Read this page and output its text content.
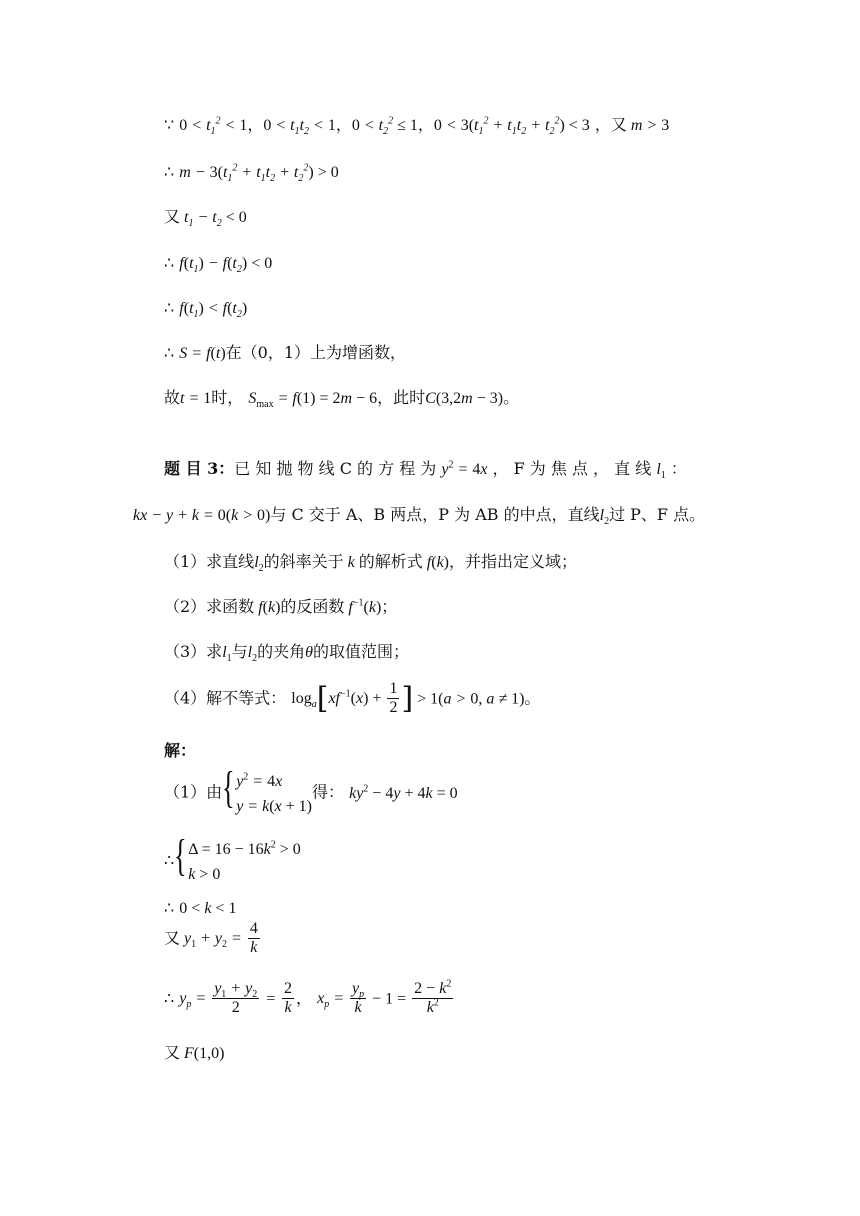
∵ $0 < t_1^2 < 1$，$0 < t_1t_2 < 1$，$0 < t_2^2 \le 1$，$0 < 3(t_1^2 + t_1t_2 + t_2^2) < 3$ ，又 m > 3
∴ $m - 3(t_1^2 + t_1t_2 + t_2^2) > 0$
又 $t_1 - t_2 < 0$
∴ $f(t_1) - f(t_2) < 0$
∴ $f(t_1) < f(t_2)$
∴ S = f(t)在（0，1）上为增函数，
故t = 1时， $S_{max} = f(1) = 2m - 6$，此时C(3,2m − 3)。
题 目 3：已 知 抛 物 线 C 的 方 程 为 $y^2 = 4x$ ， F 为 焦 点 ， 直 线 $l_1$ ：
kx − y + k = 0(k > 0)与 C 交于 A、B 两点，P 为 AB 的中点，直线$l_2$过 P、F 点。
（1）求直线$l_2$的斜率关于 k 的解析式 f(k)，并指出定义域；
（2）求函数 f(k)的反函数 $f^{-1}(k)$；
（3）求$l_1$与$l_2$的夹角θ的取值范围；
（4）解不等式： $\log_a[xf^{-1}(x) + \frac{1}{2}$ ] > 1(a > 0, a ≠ 1)。
解：
（1）由 { $y^2 = 4x$
y = k(x + 1)
得： $ky^2 - 4y + 4k = 0$
∴ { $\Delta = 16 - 16k^2 > 0$
k > 0
∴ 0 < k < 1
又 $y_1 + y_2 = \frac{4}{k}$
∴ $y_p = \frac{y_1 + y_2}{2} = \frac{2}{k}$ ， $x_p = \frac{y_p}{k} - 1 = \frac{2 - k^2}{k^2}$
又 F(1,0)
